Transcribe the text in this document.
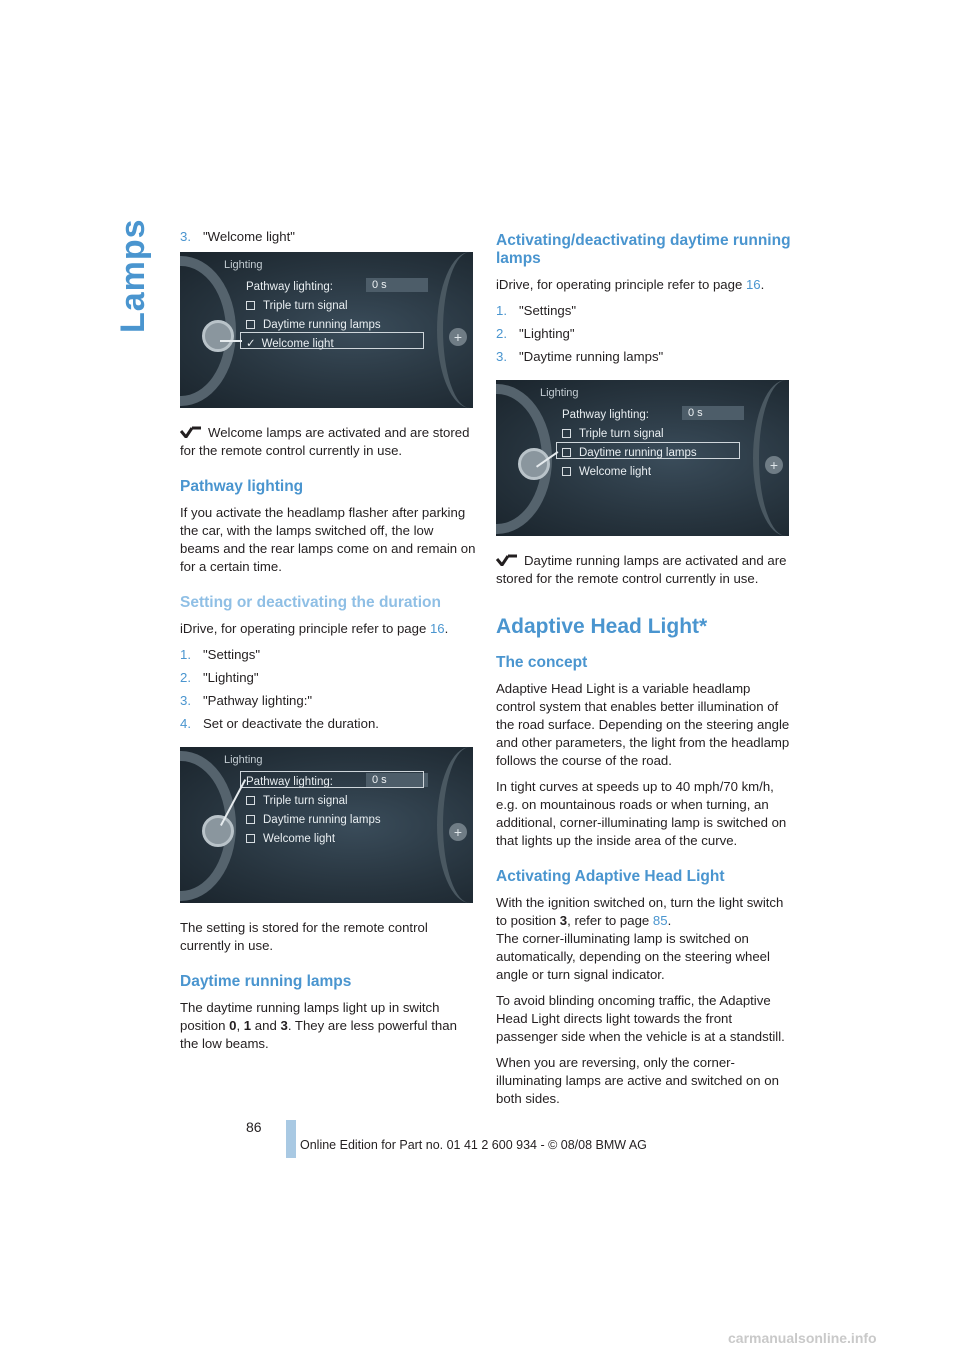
Lamps 3. "Welcome light"
+
Lighting
Pathway lighting:	0 s
Triple turn signal
Daytime running lamps
✓ Welcome light

Welcome lamps are activated and are stored for the remote control currently in use.

Pathway lighting

If you activate the headlamp flasher after parking the car, with the lamps switched off, the low beams and the rear lamps come on and remain on for a certain time.

Setting or deactivating the duration

iDrive, for operating principle refer to page 16.

1. "Settings"
2. "Lighting"
3. "Pathway lighting:"
4. Set or deactivate the duration.
+
Lighting
Pathway lighting:	0 s
Triple turn signal
Daytime running lamps
Welcome light

The setting is stored for the remote control currently in use.

Daytime running lamps

The daytime running lamps light up in switch position 0, 1 and 3. They are less powerful than the low beams.

Activating/deactivating daytime running lamps

iDrive, for operating principle refer to page 16.

1. "Settings"
2. "Lighting"
3. "Daytime running lamps"
+
Lighting
Pathway lighting:	0 s
Triple turn signal
Daytime running lamps
Welcome light

Daytime running lamps are activated and are stored for the remote control currently in use.

Adaptive Head Light*
The concept

Adaptive Head Light is a variable headlamp control system that enables better illumination of the road surface. Depending on the steering angle and other parameters, the light from the headlamp follows the course of the road.

In tight curves at speeds up to 40 mph/70 km/h, e.g. on mountainous roads or when turning, an additional, corner-illuminating lamp is switched on that lights up the inside area of the curve.

Activating Adaptive Head Light

With the ignition switched on, turn the light switch to position 3, refer to page 85.
The corner-illuminating lamp is switched on automatically, depending on the steering wheel angle or turn signal indicator.

To avoid blinding oncoming traffic, the Adaptive Head Light directs light towards the front passenger side when the vehicle is at a standstill.

When you are reversing, only the corner-illuminating lamps are active and switched on on both sides.

86
Online Edition for Part no. 01 41 2 600 934 - © 08/08 BMW AG
carmanualsonline.info
